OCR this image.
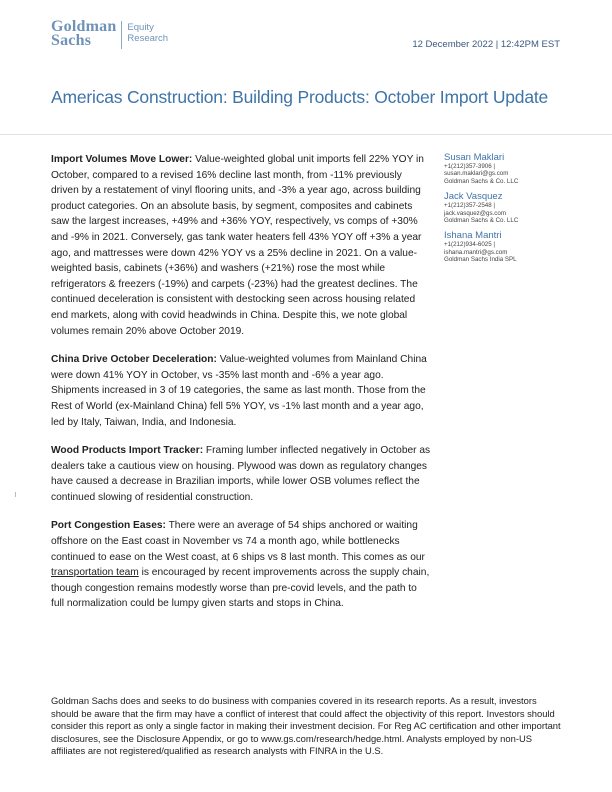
Goldman
Sachs
Equity
Research
12 December 2022 | 12:42PM EST
Americas Construction: Building Products: October Import Update

Import Volumes Move Lower: Value-weighted global unit imports fell 22% YOY in October, compared to a revised 16% decline last month, from -11% previously driven by a restatement of vinyl flooring units, and -3% a year ago, across building product categories. On an absolute basis, by segment, composites and cabinets saw the largest increases, +49% and +36% YOY, respectively, vs comps of +30% and -9% in 2021. Conversely, gas tank water heaters fell 43% YOY off +3% a year ago, and mattresses were down 42% YOY vs a 25% decline in 2021. On a value-weighted basis, cabinets (+36%) and washers (+21%) rose the most while refrigerators & freezers (-19%) and carpets (-23%) had the greatest declines. The continued deceleration is consistent with destocking seen across housing related end markets, along with covid headwinds in China. Despite this, we note global volumes remain 20% above October 2019.

China Drive October Deceleration: Value-weighted volumes from Mainland China were down 41% YOY in October, vs -35% last month and -6% a year ago. Shipments increased in 3 of 19 categories, the same as last month. Those from the Rest of World (ex-Mainland China) fell 5% YOY, vs -1% last month and a year ago, led by Italy, Taiwan, India, and Indonesia.

Wood Products Import Tracker: Framing lumber inflected negatively in October as dealers take a cautious view on housing. Plywood was down as regulatory changes have caused a decrease in Brazilian imports, while lower OSB volumes reflect the continued slowing of residential construction.

Port Congestion Eases: There were an average of 54 ships anchored or waiting offshore on the East coast in November vs 74 a month ago, while bottlenecks continued to ease on the West coast, at 6 ships vs 8 last month. This comes as our transportation team is encouraged by recent improvements across the supply chain, though congestion remains modestly worse than pre-covid levels, and the path to full normalization could be lumpy given starts and stops in China.

Susan Maklari
+1(212)357-3906 |
susan.maklari@gs.com
Goldman Sachs & Co. LLC
Jack Vasquez
+1(212)357-2548 |
jack.vasquez@gs.com
Goldman Sachs & Co. LLC
Ishana Mantri
+1(212)934-6025 |
ishana.mantri@gs.com
Goldman Sachs India SPL
Goldman Sachs does and seeks to do business with companies covered in its research reports. As a result, investors should be aware that the firm may have a conflict of interest that could affect the objectivity of this report. Investors should consider this report as only a single factor in making their investment decision. For Reg AC certification and other important disclosures, see the Disclosure Appendix, or go to www.gs.com/research/hedge.html. Analysts employed by non-US affiliates are not registered/qualified as research analysts with FINRA in the U.S.
